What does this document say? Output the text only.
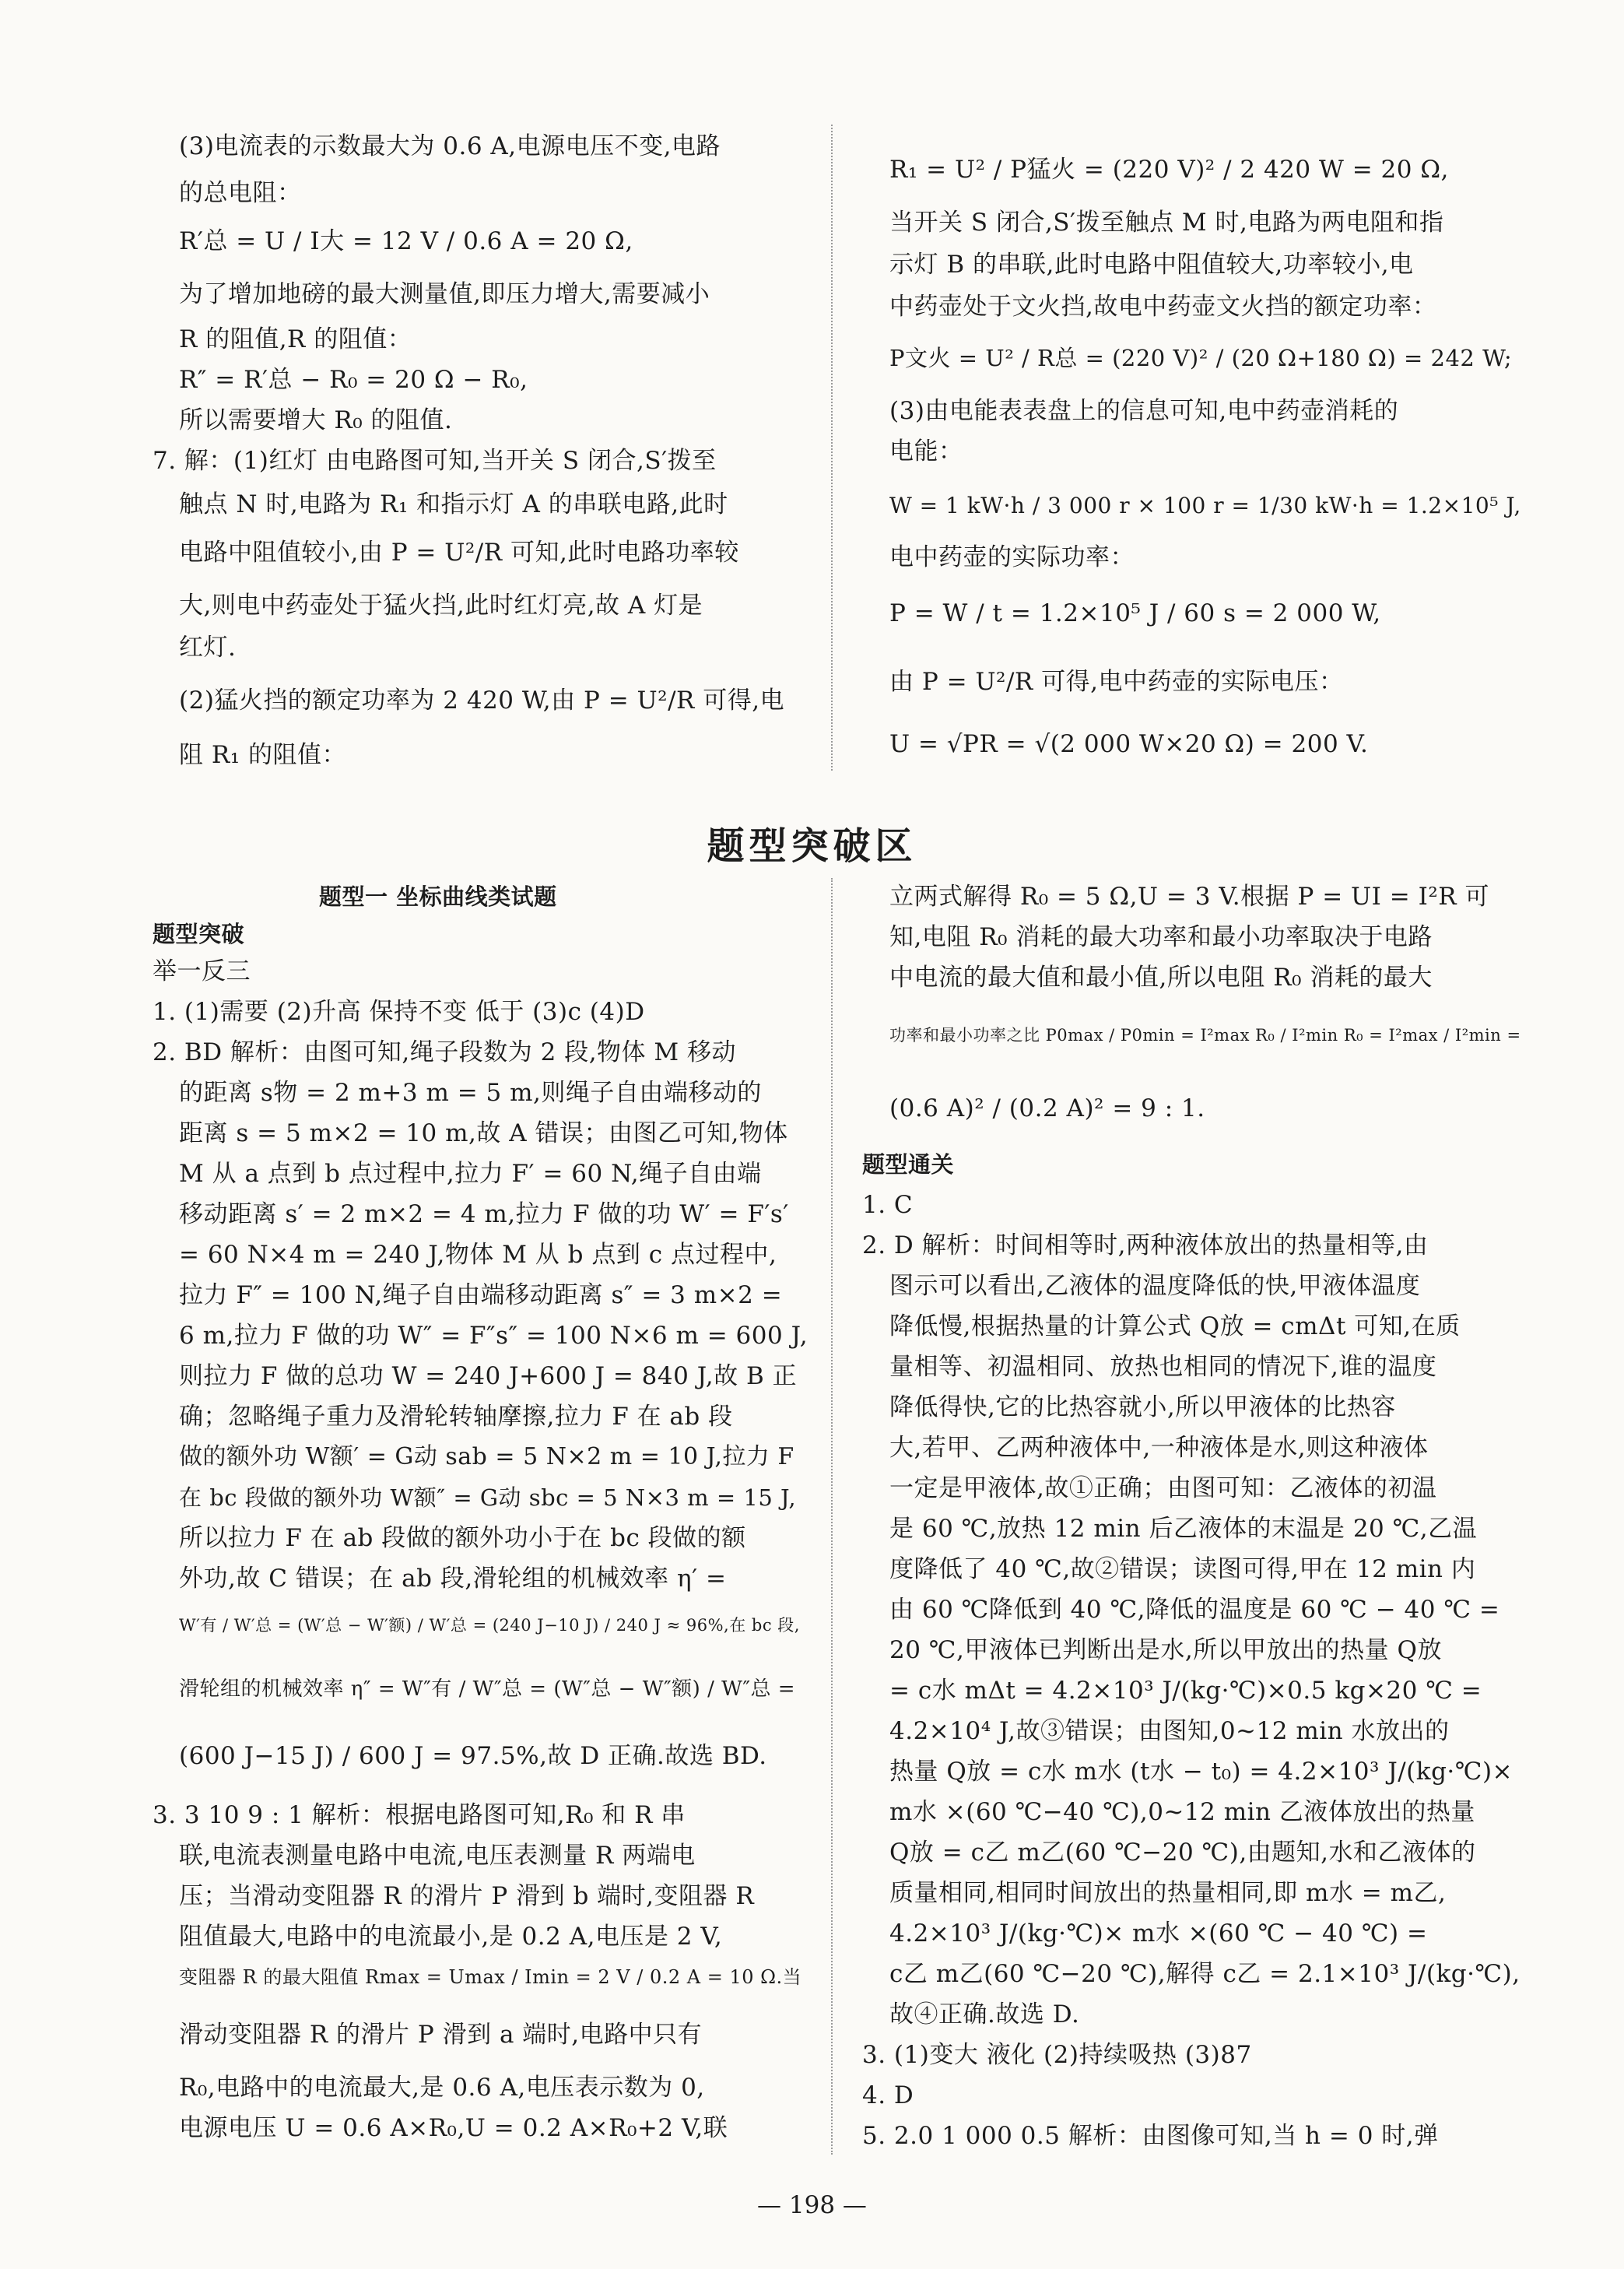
(3)电流表的示数最大为 0.6 A,电源电压不变,电路
的总电阻：
R′总 = U / I大 = 12 V / 0.6 A = 20 Ω,
为了增加地磅的最大测量值,即压力增大,需要减小
R 的阻值,R 的阻值：
R″ = R′总 − R₀ = 20 Ω − R₀,
所以需要增大 R₀ 的阻值.
7. 解：(1)红灯 由电路图可知,当开关 S 闭合,S′拨至
触点 N 时,电路为 R₁ 和指示灯 A 的串联电路,此时
电路中阻值较小,由 P = U²/R 可知,此时电路功率较
大,则电中药壶处于猛火挡,此时红灯亮,故 A 灯是
红灯.
(2)猛火挡的额定功率为 2 420 W,由 P = U²/R 可得,电
阻 R₁ 的阻值：
R₁ = U² / P猛火 = (220 V)² / 2 420 W = 20 Ω,
当开关 S 闭合,S′拨至触点 M 时,电路为两电阻和指
示灯 B 的串联,此时电路中阻值较大,功率较小,电
中药壶处于文火挡,故电中药壶文火挡的额定功率：
P文火 = U² / R总 = (220 V)² / (20 Ω+180 Ω) = 242 W;
(3)由电能表表盘上的信息可知,电中药壶消耗的
电能：
W = 1 kW·h / 3 000 r × 100 r = 1/30 kW·h = 1.2×10⁵ J,
电中药壶的实际功率：
P = W / t = 1.2×10⁵ J / 60 s = 2 000 W,
由 P = U²/R 可得,电中药壶的实际电压：
U = √PR = √(2 000 W×20 Ω) = 200 V.
题型突破区
题型一 坐标曲线类试题
题型突破
举一反三
1. (1)需要 (2)升高 保持不变 低于 (3)c (4)D
2. BD 解析：由图可知,绳子段数为 2 段,物体 M 移动
的距离 s物 = 2 m+3 m = 5 m,则绳子自由端移动的
距离 s = 5 m×2 = 10 m,故 A 错误；由图乙可知,物体
M 从 a 点到 b 点过程中,拉力 F′ = 60 N,绳子自由端
移动距离 s′ = 2 m×2 = 4 m,拉力 F 做的功 W′ = F′s′
= 60 N×4 m = 240 J,物体 M 从 b 点到 c 点过程中,
拉力 F″ = 100 N,绳子自由端移动距离 s″ = 3 m×2 =
6 m,拉力 F 做的功 W″ = F″s″ = 100 N×6 m = 600 J,
则拉力 F 做的总功 W = 240 J+600 J = 840 J,故 B 正
确；忽略绳子重力及滑轮转轴摩擦,拉力 F 在 ab 段
做的额外功 W额′ = G动 sab = 5 N×2 m = 10 J,拉力 F
在 bc 段做的额外功 W额″ = G动 sbc = 5 N×3 m = 15 J,
所以拉力 F 在 ab 段做的额外功小于在 bc 段做的额
外功,故 C 错误；在 ab 段,滑轮组的机械效率 η′ =
W′有 / W′总 = (W′总 − W′额) / W′总 = (240 J−10 J) / 240 J ≈ 96%,在 bc 段,
滑轮组的机械效率 η″ = W″有 / W″总 = (W″总 − W″额) / W″总 =
(600 J−15 J) / 600 J = 97.5%,故 D 正确.故选 BD.
3. 3 10 9 : 1 解析：根据电路图可知,R₀ 和 R 串
联,电流表测量电路中电流,电压表测量 R 两端电
压；当滑动变阻器 R 的滑片 P 滑到 b 端时,变阻器 R
阻值最大,电路中的电流最小,是 0.2 A,电压是 2 V,
变阻器 R 的最大阻值 Rmax = Umax / Imin = 2 V / 0.2 A = 10 Ω.当
滑动变阻器 R 的滑片 P 滑到 a 端时,电路中只有
R₀,电路中的电流最大,是 0.6 A,电压表示数为 0,
电源电压 U = 0.6 A×R₀,U = 0.2 A×R₀+2 V,联
立两式解得 R₀ = 5 Ω,U = 3 V.根据 P = UI = I²R 可
知,电阻 R₀ 消耗的最大功率和最小功率取决于电路
中电流的最大值和最小值,所以电阻 R₀ 消耗的最大
功率和最小功率之比 P0max / P0min = I²max R₀ / I²min R₀ = I²max / I²min =
(0.6 A)² / (0.2 A)² = 9 : 1.
题型通关
1. C
2. D 解析：时间相等时,两种液体放出的热量相等,由
图示可以看出,乙液体的温度降低的快,甲液体温度
降低慢,根据热量的计算公式 Q放 = cmΔt 可知,在质
量相等、初温相同、放热也相同的情况下,谁的温度
降低得快,它的比热容就小,所以甲液体的比热容
大,若甲、乙两种液体中,一种液体是水,则这种液体
一定是甲液体,故①正确；由图可知：乙液体的初温
是 60 ℃,放热 12 min 后乙液体的末温是 20 ℃,乙温
度降低了 40 ℃,故②错误；读图可得,甲在 12 min 内
由 60 ℃降低到 40 ℃,降低的温度是 60 ℃ − 40 ℃ =
20 ℃,甲液体已判断出是水,所以甲放出的热量 Q放
= c水 mΔt = 4.2×10³ J/(kg·℃)×0.5 kg×20 ℃ =
4.2×10⁴ J,故③错误；由图知,0~12 min 水放出的
热量 Q放 = c水 m水 (t水 − t₀) = 4.2×10³ J/(kg·℃)×
m水 ×(60 ℃−40 ℃),0~12 min 乙液体放出的热量
Q放 = c乙 m乙(60 ℃−20 ℃),由题知,水和乙液体的
质量相同,相同时间放出的热量相同,即 m水 = m乙,
4.2×10³ J/(kg·℃)× m水 ×(60 ℃ − 40 ℃) =
c乙 m乙(60 ℃−20 ℃),解得 c乙 = 2.1×10³ J/(kg·℃),
故④正确.故选 D.
3. (1)变大 液化 (2)持续吸热 (3)87
4. D
5. 2.0 1 000 0.5 解析：由图像可知,当 h = 0 时,弹
— 198 —
